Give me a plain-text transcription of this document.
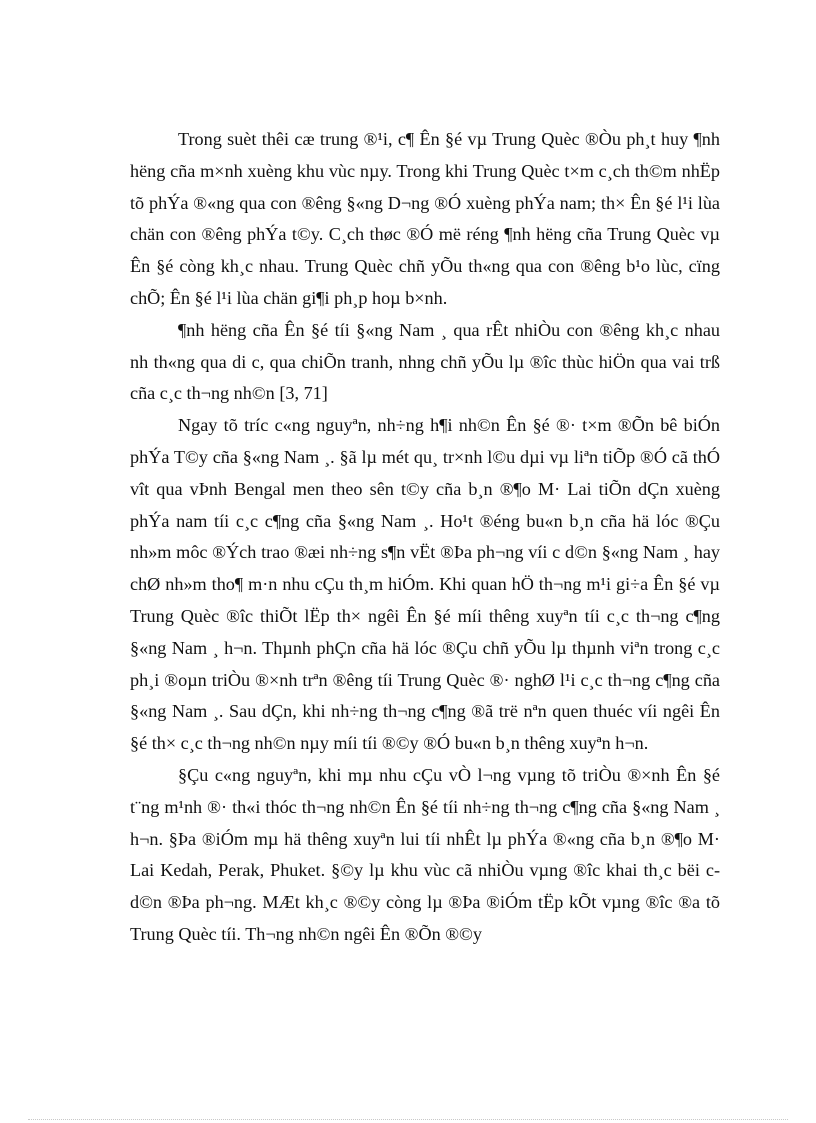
Trong suèt thêi cæ trung ®¹i, c¶ Ên §é vµ Trung Quèc ®Òu ph¸t huy ¶nh hëng cña m×nh xuèng khu vùc nµy. Trong khi Trung Quèc t×m c¸ch th©m nhËp tõ phÝa ®«ng qua con ®êng §«ng D¬ng ®Ó xuèng phÝa nam; th× Ên §é l¹i lùa chän con ®êng phÝa t©y. C¸ch thøc ®Ó më réng ¶nh hëng cña Trung Quèc vµ Ên §é còng kh¸c nhau. Trung Quèc chñ yÕu th«ng qua con ®êng b¹o lùc, cïng chÕ; Ên §é l¹i lùa chän gi¶i ph¸p hoµ b×nh.

¶nh hëng cña Ên §é tíi §«ng Nam ¸ qua rÊt nhiÒu con ®êng kh¸c nhau nh th«ng qua di c, qua chiÕn tranh, nhng chñ yÕu lµ ®îc thùc hiÖn qua vai trß cña c¸c th¬ng nh©n [3, 71]

Ngay tõ tríc c«ng nguyªn, nh÷ng h¶i nh©n Ên §é ®· t×m ®Õn bê biÓn phÝa T©y cña §«ng Nam ¸. §ã lµ mét qu¸ tr×nh l©u dµi vµ liªn tiÕp ®Ó cã thÓ vît qua vÞnh Bengal men theo sên t©y cña b¸n ®¶o M· Lai tiÕn dÇn xuèng phÝa nam tíi c¸c c¶ng cña §«ng Nam ¸. Ho¹t ®éng bu«n b¸n cña hä lóc ®Çu nh»m môc ®Ých trao ®æi nh÷ng s¶n vËt ®Þa ph¬ng víi c d©n §«ng Nam ¸ hay chØ nh»m tho¶ m·n nhu cÇu th¸m hiÓm. Khi quan hÖ th¬ng m¹i gi÷a Ên §é vµ Trung Quèc ®îc thiÕt lËp th× ngêi Ên §é míi thêng xuyªn tíi c¸c th¬ng c¶ng §«ng Nam ¸ h¬n. Thµnh phÇn cña hä lóc ®Çu chñ yÕu lµ thµnh viªn trong c¸c ph¸i ®oµn triÒu ®×nh trªn ®êng tíi Trung Quèc ®· nghØ l¹i c¸c th¬ng c¶ng cña §«ng Nam ¸. Sau dÇn, khi nh÷ng th¬ng c¶ng ®ã trë nªn quen thuéc víi ngêi Ên §é th× c¸c th¬ng nh©n nµy míi tíi ®©y ®Ó bu«n b¸n thêng xuyªn h¬n.

§Çu c«ng nguyªn, khi mµ nhu cÇu vÒ l¬ng vµng tõ triÒu ®×nh Ên §é t¨ng m¹nh ®· th«i thóc th¬ng nh©n Ên §é tíi nh÷ng th¬ng c¶ng cña §«ng Nam ¸ h¬n. §Þa ®iÓm mµ hä thêng xuyªn lui tíi nhÊt lµ phÝa ®«ng cña b¸n ®¶o M· Lai Kedah, Perak, Phuket. §©y lµ khu vùc cã nhiÒu vµng ®îc khai th¸c bëi c d©n ®Þa ph¬ng. MÆt kh¸c ®©y còng lµ ®Þa ®iÓm tËp kÕt vµng ®îc ®a tõ Trung Quèc tíi. Th¬ng nh©n ngêi Ên ®Õn ®©y
